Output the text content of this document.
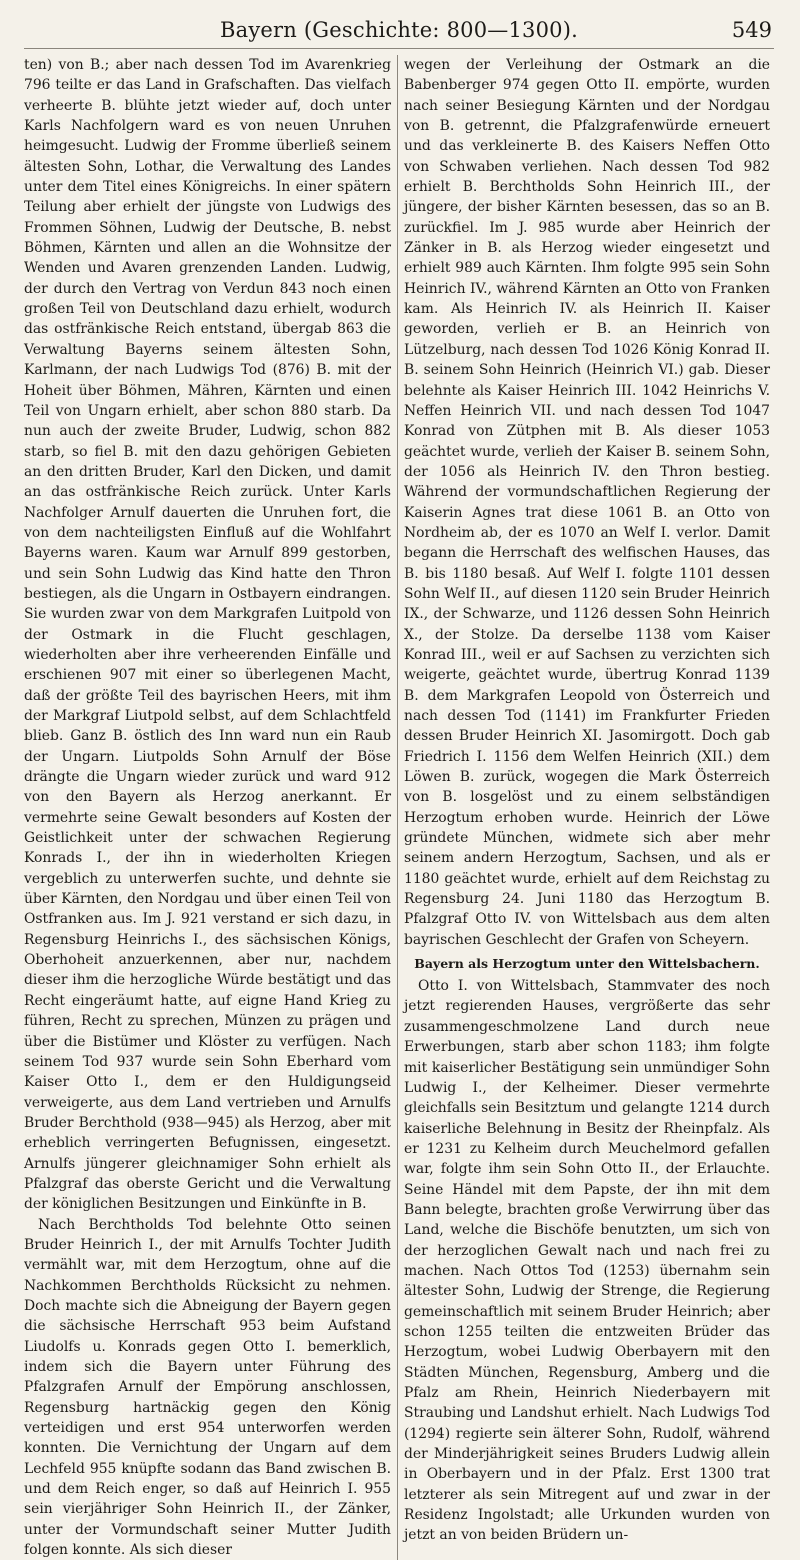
Bayern (Geschichte: 800—1300).	549

ten) von B.; aber nach dessen Tod im Avarenkrieg 796 teilte er das Land in Grafschaften. Das vielfach verheerte B. blühte jetzt wieder auf, doch unter Karls Nachfolgern ward es von neuen Unruhen heimgesucht. Ludwig der Fromme überließ seinem ältesten Sohn, Lothar, die Verwaltung des Landes unter dem Titel eines Königreichs. In einer spätern Teilung aber erhielt der jüngste von Ludwigs des Frommen Söhnen, Ludwig der Deutsche, B. nebst Böhmen, Kärnten und allen an die Wohnsitze der Wenden und Avaren grenzenden Landen. Ludwig, der durch den Vertrag von Verdun 843 noch einen großen Teil von Deutschland dazu erhielt, wodurch das ostfränkische Reich entstand, übergab 863 die Verwaltung Bayerns seinem ältesten Sohn, Karlmann, der nach Ludwigs Tod (876) B. mit der Hoheit über Böhmen, Mähren, Kärnten und einen Teil von Ungarn erhielt, aber schon 880 starb. Da nun auch der zweite Bruder, Ludwig, schon 882 starb, so fiel B. mit den dazu gehörigen Gebieten an den dritten Bruder, Karl den Dicken, und damit an das ostfränkische Reich zurück. Unter Karls Nachfolger Arnulf dauerten die Unruhen fort, die von dem nachteiligsten Einfluß auf die Wohlfahrt Bayerns waren. Kaum war Arnulf 899 gestorben, und sein Sohn Ludwig das Kind hatte den Thron bestiegen, als die Ungarn in Ostbayern eindrangen. Sie wurden zwar von dem Markgrafen Luitpold von der Ostmark in die Flucht geschlagen, wiederholten aber ihre verheerenden Einfälle und erschienen 907 mit einer so überlegenen Macht, daß der größte Teil des bayrischen Heers, mit ihm der Markgraf Liutpold selbst, auf dem Schlachtfeld blieb. Ganz B. östlich des Inn ward nun ein Raub der Ungarn. Liutpolds Sohn Arnulf der Böse drängte die Ungarn wieder zurück und ward 912 von den Bayern als Herzog anerkannt. Er vermehrte seine Gewalt besonders auf Kosten der Geistlichkeit unter der schwachen Regierung Konrads I., der ihn in wiederholten Kriegen vergeblich zu unterwerfen suchte, und dehnte sie über Kärnten, den Nordgau und über einen Teil von Ostfranken aus. Im J. 921 verstand er sich dazu, in Regensburg Heinrichs I., des sächsischen Königs, Oberhoheit anzuerkennen, aber nur, nachdem dieser ihm die herzogliche Würde bestätigt und das Recht eingeräumt hatte, auf eigne Hand Krieg zu führen, Recht zu sprechen, Münzen zu prägen und über die Bistümer und Klöster zu verfügen. Nach seinem Tod 937 wurde sein Sohn Eberhard vom Kaiser Otto I., dem er den Huldigungseid verweigerte, aus dem Land vertrieben und Arnulfs Bruder Berchthold (938—945) als Herzog, aber mit erheblich verringerten Befugnissen, eingesetzt. Arnulfs jüngerer gleichnamiger Sohn erhielt als Pfalzgraf das oberste Gericht und die Verwaltung der königlichen Besitzungen und Einkünfte in B.

Nach Berchtholds Tod belehnte Otto seinen Bruder Heinrich I., der mit Arnulfs Tochter Judith vermählt war, mit dem Herzogtum, ohne auf die Nachkommen Berchtholds Rücksicht zu nehmen. Doch machte sich die Abneigung der Bayern gegen die sächsische Herrschaft 953 beim Aufstand Liudolfs u. Konrads gegen Otto I. bemerklich, indem sich die Bayern unter Führung des Pfalzgrafen Arnulf der Empörung anschlossen, Regensburg hartnäckig gegen den König verteidigen und erst 954 unterworfen werden konnten. Die Vernichtung der Ungarn auf dem Lechfeld 955 knüpfte sodann das Band zwischen B. und dem Reich enger, so daß auf Heinrich I. 955 sein vierjähriger Sohn Heinrich II., der Zänker, unter der Vormundschaft seiner Mutter Judith folgen konnte. Als sich dieser

wegen der Verleihung der Ostmark an die Babenberger 974 gegen Otto II. empörte, wurden nach seiner Besiegung Kärnten und der Nordgau von B. getrennt, die Pfalzgrafenwürde erneuert und das verkleinerte B. des Kaisers Neffen Otto von Schwaben verliehen. Nach dessen Tod 982 erhielt B. Berchtholds Sohn Heinrich III., der jüngere, der bisher Kärnten besessen, das so an B. zurückfiel. Im J. 985 wurde aber Heinrich der Zänker in B. als Herzog wieder eingesetzt und erhielt 989 auch Kärnten. Ihm folgte 995 sein Sohn Heinrich IV., während Kärnten an Otto von Franken kam. Als Heinrich IV. als Heinrich II. Kaiser geworden, verlieh er B. an Heinrich von Lützelburg, nach dessen Tod 1026 König Konrad II. B. seinem Sohn Heinrich (Heinrich VI.) gab. Dieser belehnte als Kaiser Heinrich III. 1042 Heinrichs V. Neffen Heinrich VII. und nach dessen Tod 1047 Konrad von Zütphen mit B. Als dieser 1053 geächtet wurde, verlieh der Kaiser B. seinem Sohn, der 1056 als Heinrich IV. den Thron bestieg. Während der vormundschaftlichen Regierung der Kaiserin Agnes trat diese 1061 B. an Otto von Nordheim ab, der es 1070 an Welf I. verlor. Damit begann die Herrschaft des welfischen Hauses, das B. bis 1180 besaß. Auf Welf I. folgte 1101 dessen Sohn Welf II., auf diesen 1120 sein Bruder Heinrich IX., der Schwarze, und 1126 dessen Sohn Heinrich X., der Stolze. Da derselbe 1138 vom Kaiser Konrad III., weil er auf Sachsen zu verzichten sich weigerte, geächtet wurde, übertrug Konrad 1139 B. dem Markgrafen Leopold von Österreich und nach dessen Tod (1141) im Frankfurter Frieden dessen Bruder Heinrich XI. Jasomirgott. Doch gab Friedrich I. 1156 dem Welfen Heinrich (XII.) dem Löwen B. zurück, wogegen die Mark Österreich von B. losgelöst und zu einem selbständigen Herzogtum erhoben wurde. Heinrich der Löwe gründete München, widmete sich aber mehr seinem andern Herzogtum, Sachsen, und als er 1180 geächtet wurde, erhielt auf dem Reichstag zu Regensburg 24. Juni 1180 das Herzogtum B. Pfalzgraf Otto IV. von Wittelsbach aus dem alten bayrischen Geschlecht der Grafen von Scheyern.

Bayern als Herzogtum unter den Wittelsbachern.

Otto I. von Wittelsbach, Stammvater des noch jetzt regierenden Hauses, vergrößerte das sehr zusammengeschmolzene Land durch neue Erwerbungen, starb aber schon 1183; ihm folgte mit kaiserlicher Bestätigung sein unmündiger Sohn Ludwig I., der Kelheimer. Dieser vermehrte gleichfalls sein Besitztum und gelangte 1214 durch kaiserliche Belehnung in Besitz der Rheinpfalz. Als er 1231 zu Kelheim durch Meuchelmord gefallen war, folgte ihm sein Sohn Otto II., der Erlauchte. Seine Händel mit dem Papste, der ihn mit dem Bann belegte, brachten große Verwirrung über das Land, welche die Bischöfe benutzten, um sich von der herzoglichen Gewalt nach und nach frei zu machen. Nach Ottos Tod (1253) übernahm sein ältester Sohn, Ludwig der Strenge, die Regierung gemeinschaftlich mit seinem Bruder Heinrich; aber schon 1255 teilten die entzweiten Brüder das Herzogtum, wobei Ludwig Oberbayern mit den Städten München, Regensburg, Amberg und die Pfalz am Rhein, Heinrich Niederbayern mit Straubing und Landshut erhielt. Nach Ludwigs Tod (1294) regierte sein älterer Sohn, Rudolf, während der Minderjährigkeit seines Bruders Ludwig allein in Oberbayern und in der Pfalz. Erst 1300 trat letzterer als sein Mitregent auf und zwar in der Residenz Ingolstadt; alle Urkunden wurden von jetzt an von beiden Brüdern un-
